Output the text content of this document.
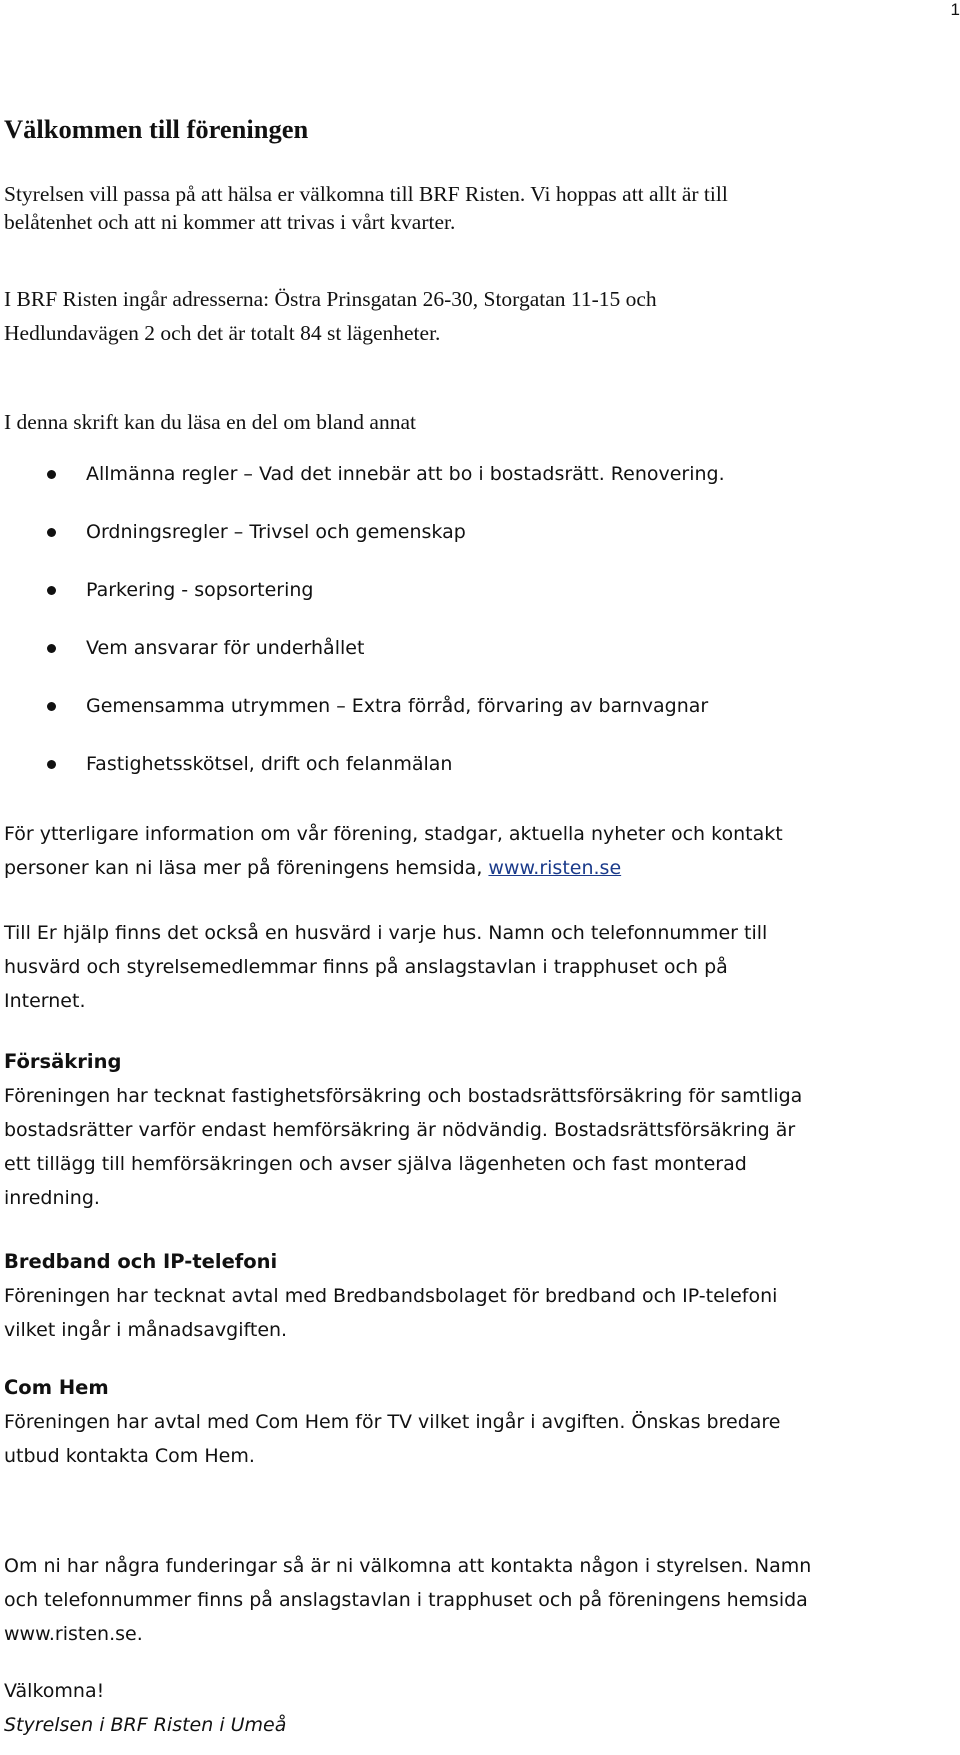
1
Välkommen till föreningen
Styrelsen vill passa på att hälsa er välkomna till BRF Risten. Vi hoppas att allt är till
belåtenhet och att ni kommer att trivas i vårt kvarter.
I BRF Risten ingår adresserna: Östra Prinsgatan 26-30, Storgatan 11-15 och
Hedlundavägen 2 och det är totalt 84 st lägenheter.
I denna skrift kan du läsa en del om bland annat
Allmänna regler – Vad det innebär att bo i bostadsrätt. Renovering.
Ordningsregler – Trivsel och gemenskap
Parkering - sopsortering
Vem ansvarar för underhållet
Gemensamma utrymmen – Extra förråd, förvaring av barnvagnar
Fastighetsskötsel, drift och felanmälan
För ytterligare information om vår förening, stadgar, aktuella nyheter och kontakt
personer kan ni läsa mer på föreningens hemsida, www.risten.se
Till Er hjälp finns det också en husvärd i varje hus. Namn och telefonnummer till
husvärd och styrelsemedlemmar finns på anslagstavlan i trapphuset och på
Internet.
Försäkring
Föreningen har tecknat fastighetsförsäkring och bostadsrättsförsäkring för samtliga
bostadsrätter varför endast hemförsäkring är nödvändig. Bostadsrättsförsäkring är
ett tillägg till hemförsäkringen och avser själva lägenheten och fast monterad
inredning.
Bredband och IP-telefoni
Föreningen har tecknat avtal med Bredbandsbolaget för bredband och IP-telefoni
vilket ingår i månadsavgiften.
Com Hem
Föreningen har avtal med Com Hem för TV vilket ingår i avgiften. Önskas bredare
utbud kontakta Com Hem.
Om ni har några funderingar så är ni välkomna att kontakta någon i styrelsen. Namn
och telefonnummer finns på anslagstavlan i trapphuset och på föreningens hemsida
www.risten.se.
Välkomna!
Styrelsen i BRF Risten i Umeå
